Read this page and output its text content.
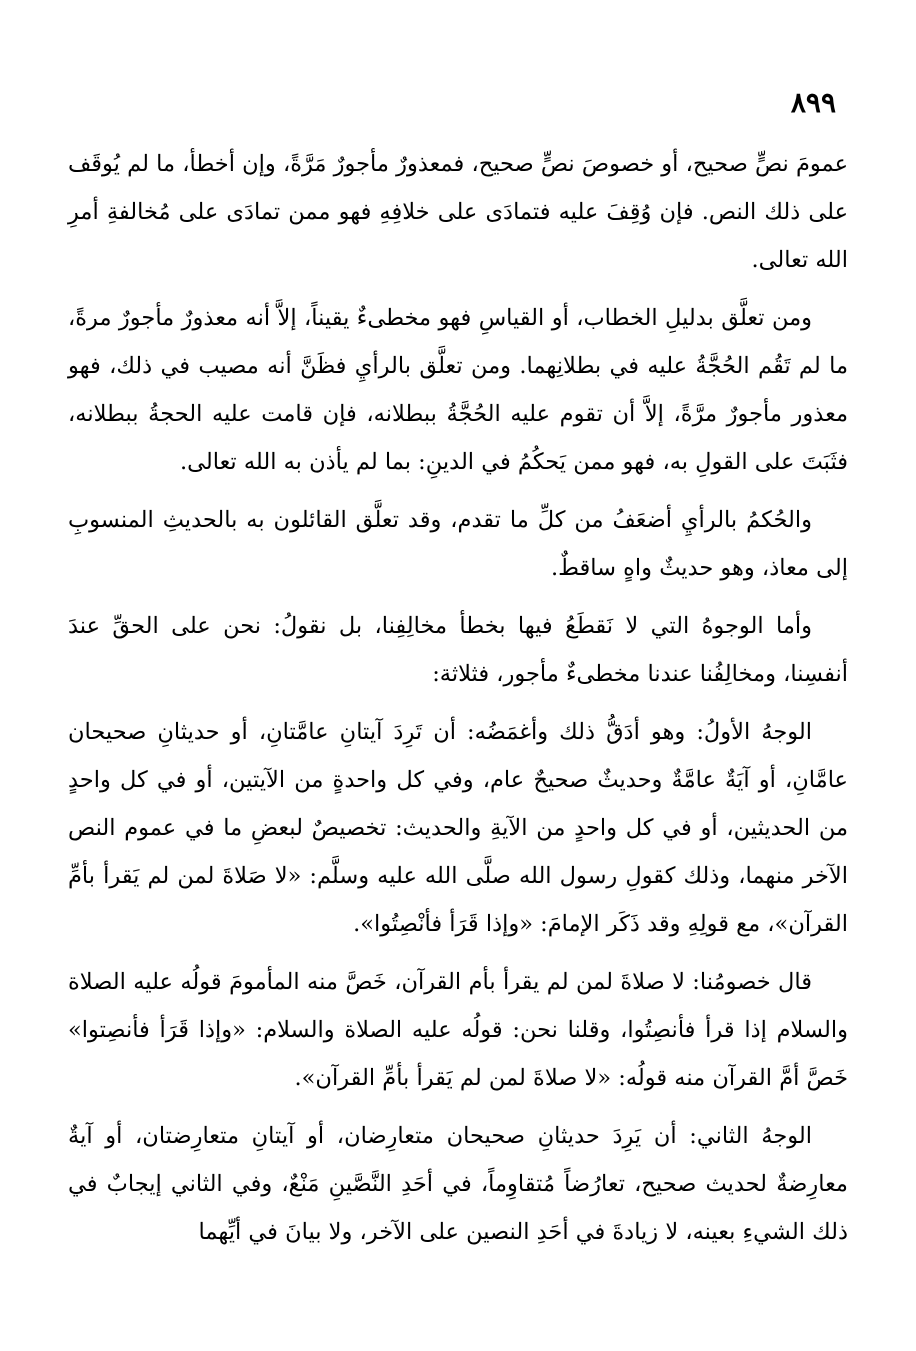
٨٩٩

عمومَ نصٍّ صحيح، أو خصوصَ نصٍّ صحيح، فمعذورٌ مأجورٌ مَرَّةً، وإن أخطأ، ما لم يُوقَف على ذلك النص. فإن وُقِفَ عليه فتمادَى على خلافِهِ فهو ممن تمادَى على مُخالفةِ أمرِ الله تعالى.

ومن تعلَّق بدليلِ الخطاب، أو القياسِ فهو مخطىءٌ يقيناً، إلاَّ أنه معذورٌ مأجورٌ مرةً، ما لم تَقُم الحُجَّةُ عليه في بطلانِهما. ومن تعلَّق بالرأيِ فظَنَّ أنه مصيب في ذلك، فهو معذور مأجورٌ مرَّةً، إلاَّ أن تقوم عليه الحُجَّةُ ببطلانه، فإن قامت عليه الحجةُ ببطلانه، فثَبَتَ على القولِ به، فهو ممن يَحكُمُ في الدينِ: بما لم يأذن به الله تعالى.

والحُكمُ بالرأيِ أضعَفُ من كلِّ ما تقدم، وقد تعلَّق القائلون به بالحديثِ المنسوبِ إلى معاذ، وهو حديثٌ واهٍ ساقطٌ.

وأما الوجوهُ التي لا نَقطَعُ فيها بخطأ مخالِفِنا، بل نقولُ: نحن على الحقِّ عندَ أنفسِنا، ومخالِفُنا عندنا مخطىءٌ مأجور، فثلاثة:

الوجهُ الأولُ: وهو أدَقُّ ذلك وأغمَضُه: أن تَرِدَ آيتانِ عامَّتانِ، أو حديثانِ صحيحان عامَّانِ، أو آيَةٌ عامَّةٌ وحديثٌ صحيحٌ عام، وفي كل واحدةٍ من الآيتين، أو في كل واحدٍ من الحديثين، أو في كل واحدٍ من الآيةِ والحديث: تخصيصٌ لبعضِ ما في عموم النص الآخر منهما، وذلك كقولِ رسول الله صلَّى الله عليه وسلَّم: «لا صَلاةَ لمن لم يَقرأ بأمِّ القرآن»، مع قولِهِ وقد ذَكَر الإمامَ: «وإذا قَرَأ فأنْصِتُوا».

قال خصومُنا: لا صلاةَ لمن لم يقرأ بأم القرآن، خَصَّ منه المأمومَ قولُه عليه الصلاة والسلام إذا قرأ فأنصِتُوا، وقلنا نحن: قولُه عليه الصلاة والسلام: «وإذا قَرَأ فأنصِتوا» خَصَّ أمَّ القرآن منه قولُه: «لا صلاةَ لمن لم يَقرأ بأمِّ القرآن».

الوجهُ الثاني: أن يَرِدَ حديثانِ صحيحان متعارِضان، أو آيتانِ متعارِضتان، أو آيةٌ معارِضةٌ لحديث صحيح، تعارُضاً مُتقاوِماً، في أحَدِ النَّصَّينِ مَنْعٌ، وفي الثاني إيجابٌ في ذلك الشيءِ بعينه، لا زيادةَ في أحَدِ النصين على الآخر، ولا بيانَ في أيِّهما
